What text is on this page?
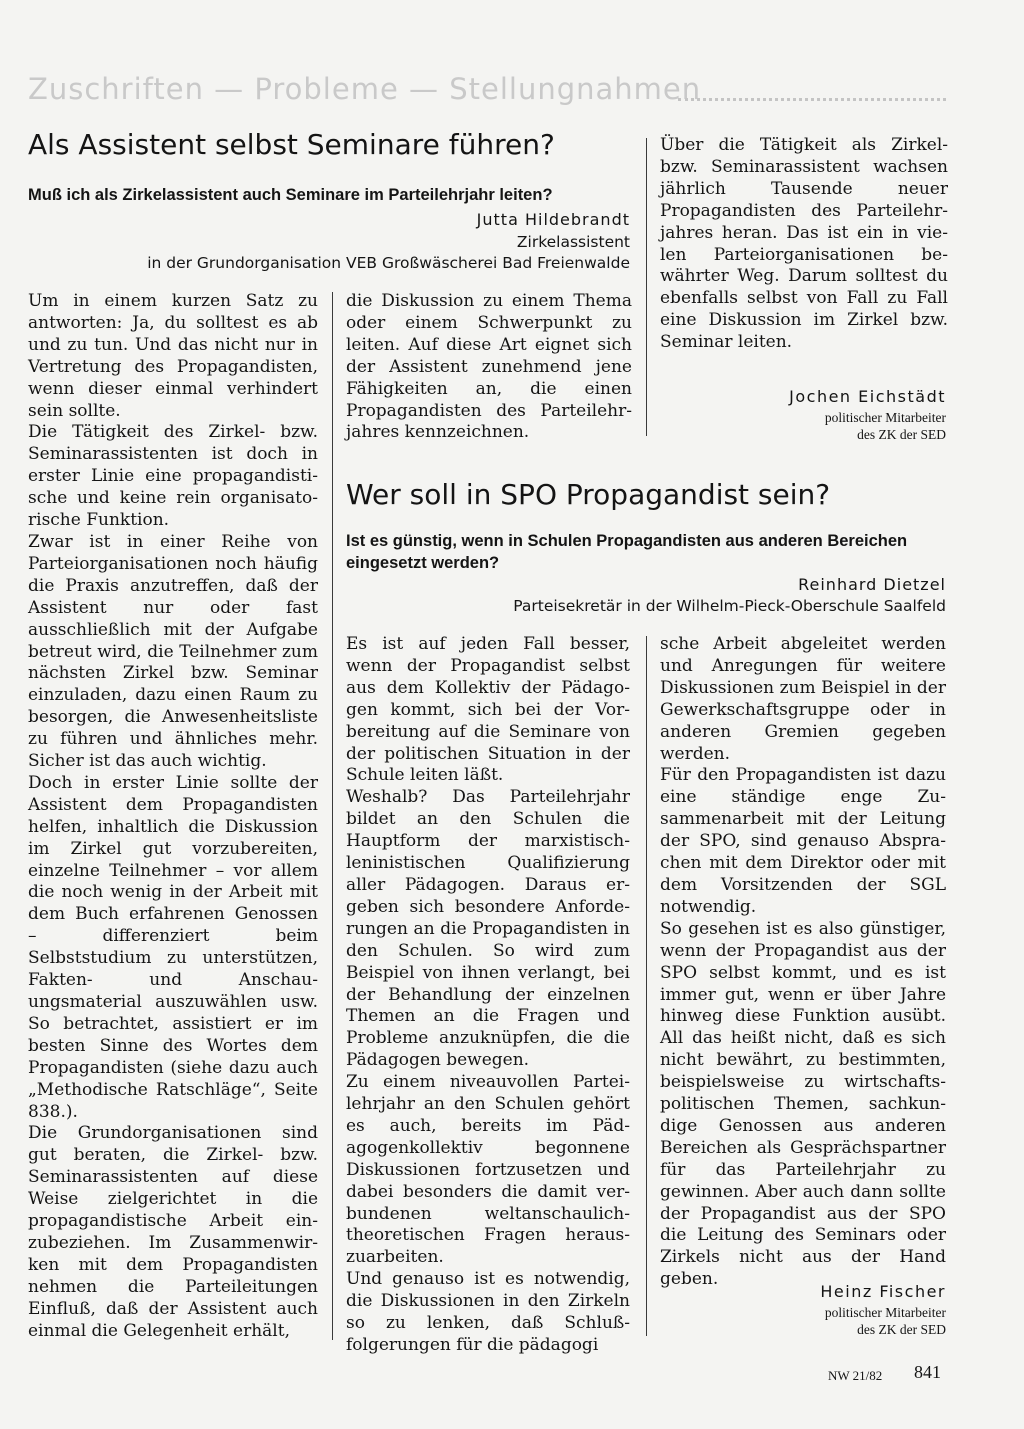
Zuschriften — Probleme — Stellungnahmen
Als Assistent selbst Seminare führen?
Muß ich als Zirkelassistent auch Seminare im Parteilehrjahr leiten?
Jutta Hildebrandt
Zirkelassistent
in der Grundorganisation VEB Großwäscherei Bad Freienwalde

Um in einem kurzen Satz zu antworten: Ja, du solltest es ab und zu tun. Und das nicht nur in Vertretung des Propagandisten, wenn dieser einmal verhindert sein sollte.

Die Tätigkeit des Zirkel- bzw. Seminarassistenten ist doch in erster Linie eine propagandistische und keine rein organisatorische Funktion.

Zwar ist in einer Reihe von Parteiorganisationen noch häufig die Praxis anzutreffen, daß der Assistent nur oder fast ausschließlich mit der Aufgabe betreut wird, die Teilnehmer zum nächsten Zirkel bzw. Seminar einzuladen, dazu einen Raum zu besorgen, die Anwesenheitsliste zu führen und ähnliches mehr. Sicher ist das auch wichtig.

Doch in erster Linie sollte der Assistent dem Propagandisten helfen, inhaltlich die Diskussion im Zirkel gut vorzubereiten, einzelne Teilnehmer – vor allem die noch wenig in der Arbeit mit dem Buch erfahrenen Genossen – differenziert beim Selbststudium zu unterstützen, Fakten- und Anschauungsmaterial auszuwählen usw. So betrachtet, assistiert er im besten Sinne des Wortes dem Propagandisten (siehe dazu auch „Methodische Ratschläge“, Seite 838.).

Die Grundorganisationen sind gut beraten, die Zirkel- bzw. Seminarassistenten auf diese Weise zielgerichtet in die propagandistische Arbeit einzubeziehen. Im Zusammenwirken mit dem Propagandisten nehmen die Parteileitungen Einfluß, daß der Assistent auch einmal die Gelegenheit erhält,

die Diskussion zu einem Thema oder einem Schwerpunkt zu leiten. Auf diese Art eignet sich der Assistent zunehmend jene Fähigkeiten an, die einen Propagandisten des Parteilehrjahres kennzeichnen.

Über die Tätigkeit als Zirkel- bzw. Seminarassistent wachsen jährlich Tausende neuer Propagandisten des Parteilehrjahres heran. Das ist ein in vielen Parteiorganisationen bewährter Weg. Darum solltest du ebenfalls selbst von Fall zu Fall eine Diskussion im Zirkel bzw. Seminar leiten.

Jochen Eichstädt
politischer Mitarbeiter
des ZK der SED
Wer soll in SPO Propagandist sein?
Ist es günstig, wenn in Schulen Propagandisten aus anderen Bereichen eingesetzt werden?
Reinhard Dietzel
Parteisekretär in der Wilhelm-Pieck-Oberschule Saalfeld

Es ist auf jeden Fall besser, wenn der Propagandist selbst aus dem Kollektiv der Pädagogen kommt, sich bei der Vorbereitung auf die Seminare von der politischen Situation in der Schule leiten läßt.

Weshalb? Das Parteilehrjahr bildet an den Schulen die Hauptform der marxistisch-leninistischen Qualifizierung aller Pädagogen. Daraus ergeben sich besondere Anforderungen an die Propagandisten in den Schulen. So wird zum Beispiel von ihnen verlangt, bei der Behandlung der einzelnen Themen an die Fragen und Probleme anzuknüpfen, die die Pädagogen bewegen.

Zu einem niveauvollen Parteilehrjahr an den Schulen gehört es auch, bereits im Pädagogenkollektiv begonnene Diskussionen fortzusetzen und dabei besonders die damit verbundenen weltanschaulich-theoretischen Fragen herauszuarbeiten.

Und genauso ist es notwendig, die Diskussionen in den Zirkeln so zu lenken, daß Schlußfolgerungen für die pädagogi

sche Arbeit abgeleitet werden und Anregungen für weitere Diskussionen zum Beispiel in der Gewerkschaftsgruppe oder in anderen Gremien gegeben werden.

Für den Propagandisten ist dazu eine ständige enge Zusammenarbeit mit der Leitung der SPO, sind genauso Absprachen mit dem Direktor oder mit dem Vorsitzenden der SGL notwendig.

So gesehen ist es also günstiger, wenn der Propagandist aus der SPO selbst kommt, und es ist immer gut, wenn er über Jahre hinweg diese Funktion ausübt. All das heißt nicht, daß es sich nicht bewährt, zu bestimmten, beispielsweise zu wirtschaftspolitischen Themen, sachkundige Genossen aus anderen Bereichen als Gesprächspartner für das Parteilehrjahr zu gewinnen. Aber auch dann sollte der Propagandist aus der SPO die Leitung des Seminars oder Zirkels nicht aus der Hand geben.

Heinz Fischer
politischer Mitarbeiter
des ZK der SED
NW 21/82 841
